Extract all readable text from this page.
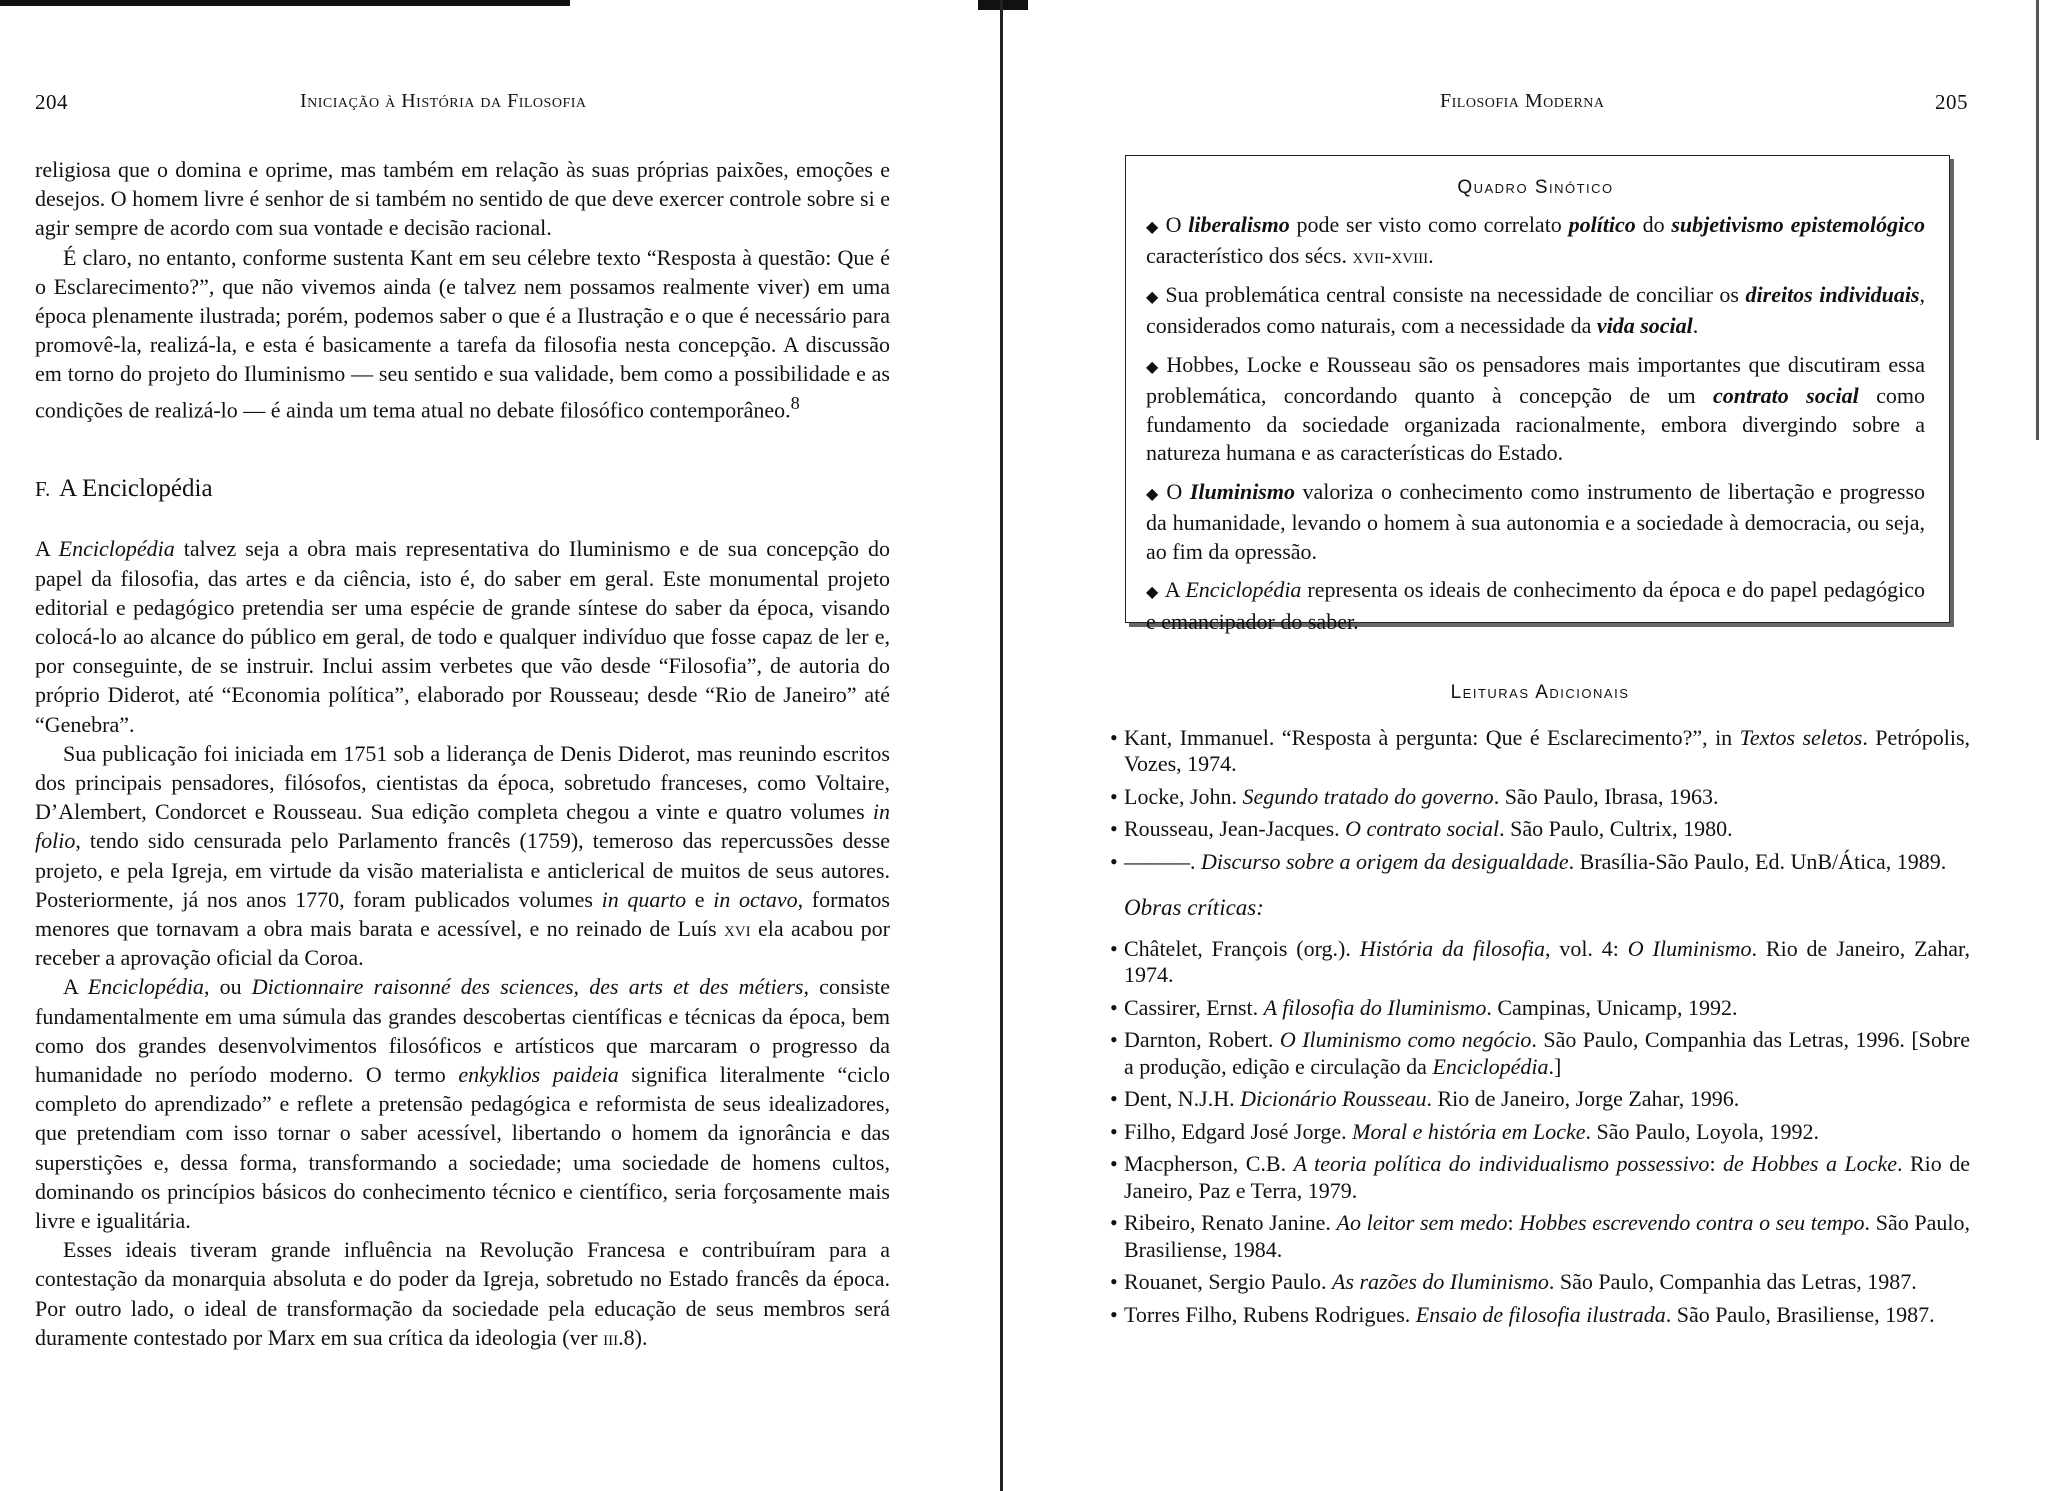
204	Iniciação à História da Filosofia	Filosofia Moderna	205

religiosa que o domina e oprime, mas também em relação às suas próprias paixões, emoções e desejos. O homem livre é senhor de si também no sentido de que deve exercer controle sobre si e agir sempre de acordo com sua vontade e decisão racional.

É claro, no entanto, conforme sustenta Kant em seu célebre texto “Resposta à questão: Que é o Esclarecimento?”, que não vivemos ainda (e talvez nem possamos realmente viver) em uma época plenamente ilustrada; porém, podemos saber o que é a Ilustração e o que é necessário para promovê-la, realizá-la, e esta é basicamente a tarefa da filosofia nesta concepção. A discussão em torno do projeto do Iluminismo — seu sentido e sua validade, bem como a possibilidade e as condições de realizá-lo — é ainda um tema atual no debate filosófico contemporâneo.$^8$

F. A Enciclopédia

A Enciclopédia talvez seja a obra mais representativa do Iluminismo e de sua concepção do papel da filosofia, das artes e da ciência, isto é, do saber em geral. Este monumental projeto editorial e pedagógico pretendia ser uma espécie de grande síntese do saber da época, visando colocá-lo ao alcance do público em geral, de todo e qualquer indivíduo que fosse capaz de ler e, por conseguinte, de se instruir. Inclui assim verbetes que vão desde “Filosofia”, de autoria do próprio Diderot, até “Economia política”, elaborado por Rousseau; desde “Rio de Janeiro” até “Genebra”.

Sua publicação foi iniciada em 1751 sob a liderança de Denis Diderot, mas reunindo escritos dos principais pensadores, filósofos, cientistas da época, sobretudo franceses, como Voltaire, D’Alembert, Condorcet e Rousseau. Sua edição completa chegou a vinte e quatro volumes in folio, tendo sido censurada pelo Parlamento francês (1759), temeroso das repercussões desse projeto, e pela Igreja, em virtude da visão materialista e anticlerical de muitos de seus autores. Posteriormente, já nos anos 1770, foram publicados volumes in quarto e in octavo, formatos menores que tornavam a obra mais barata e acessível, e no reinado de Luís xvi ela acabou por receber a aprovação oficial da Coroa.

A Enciclopédia, ou Dictionnaire raisonné des sciences, des arts et des métiers, consiste fundamentalmente em uma súmula das grandes descobertas científicas e técnicas da época, bem como dos grandes desenvolvimentos filosóficos e artísticos que marcaram o progresso da humanidade no período moderno. O termo enkyklios paideia significa literalmente “ciclo completo do aprendizado” e reflete a pretensão pedagógica e reformista de seus idealizadores, que pretendiam com isso tornar o saber acessível, libertando o homem da ignorância e das superstições e, dessa forma, transformando a sociedade; uma sociedade de homens cultos, dominando os princípios básicos do conhecimento técnico e científico, seria forçosamente mais livre e igualitária.

Esses ideais tiveram grande influência na Revolução Francesa e contribuíram para a contestação da monarquia absoluta e do poder da Igreja, sobretudo no Estado francês da época. Por outro lado, o ideal de transformação da sociedade pela educação de seus membros será duramente contestado por Marx em sua crítica da ideologia (ver iii.8).

Quadro Sinótico

◆ O liberalismo pode ser visto como correlato político do subjetivismo epistemológico característico dos sécs. xvii-xviii.

◆ Sua problemática central consiste na necessidade de conciliar os direitos individuais, considerados como naturais, com a necessidade da vida social.

◆ Hobbes, Locke e Rousseau são os pensadores mais importantes que discutiram essa problemática, concordando quanto à concepção de um contrato social como fundamento da sociedade organizada racionalmente, embora divergindo sobre a natureza humana e as características do Estado.

◆ O Iluminismo valoriza o conhecimento como instrumento de libertação e progresso da humanidade, levando o homem à sua autonomia e a sociedade à democracia, ou seja, ao fim da opressão.

◆ A Enciclopédia representa os ideais de conhecimento da época e do papel pedagógico e emancipador do saber.

Leituras Adicionais
• Kant, Immanuel. “Resposta à pergunta: Que é Esclarecimento?”, in Textos seletos. Petrópolis, Vozes, 1974.
• Locke, John. Segundo tratado do governo. São Paulo, Ibrasa, 1963.
• Rousseau, Jean-Jacques. O contrato social. São Paulo, Cultrix, 1980.
• ———. Discurso sobre a origem da desigualdade. Brasília-São Paulo, Ed. UnB/Ática, 1989.
Obras críticas:
• Châtelet, François (org.). História da filosofia, vol. 4: O Iluminismo. Rio de Janeiro, Zahar, 1974.
• Cassirer, Ernst. A filosofia do Iluminismo. Campinas, Unicamp, 1992.
• Darnton, Robert. O Iluminismo como negócio. São Paulo, Companhia das Letras, 1996. [Sobre a produção, edição e circulação da Enciclopédia.]
• Dent, N.J.H. Dicionário Rousseau. Rio de Janeiro, Jorge Zahar, 1996.
• Filho, Edgard José Jorge. Moral e história em Locke. São Paulo, Loyola, 1992.
• Macpherson, C.B. A teoria política do individualismo possessivo: de Hobbes a Locke. Rio de Janeiro, Paz e Terra, 1979.
• Ribeiro, Renato Janine. Ao leitor sem medo: Hobbes escrevendo contra o seu tempo. São Paulo, Brasiliense, 1984.
• Rouanet, Sergio Paulo. As razões do Iluminismo. São Paulo, Companhia das Letras, 1987.
• Torres Filho, Rubens Rodrigues. Ensaio de filosofia ilustrada. São Paulo, Brasiliense, 1987.
